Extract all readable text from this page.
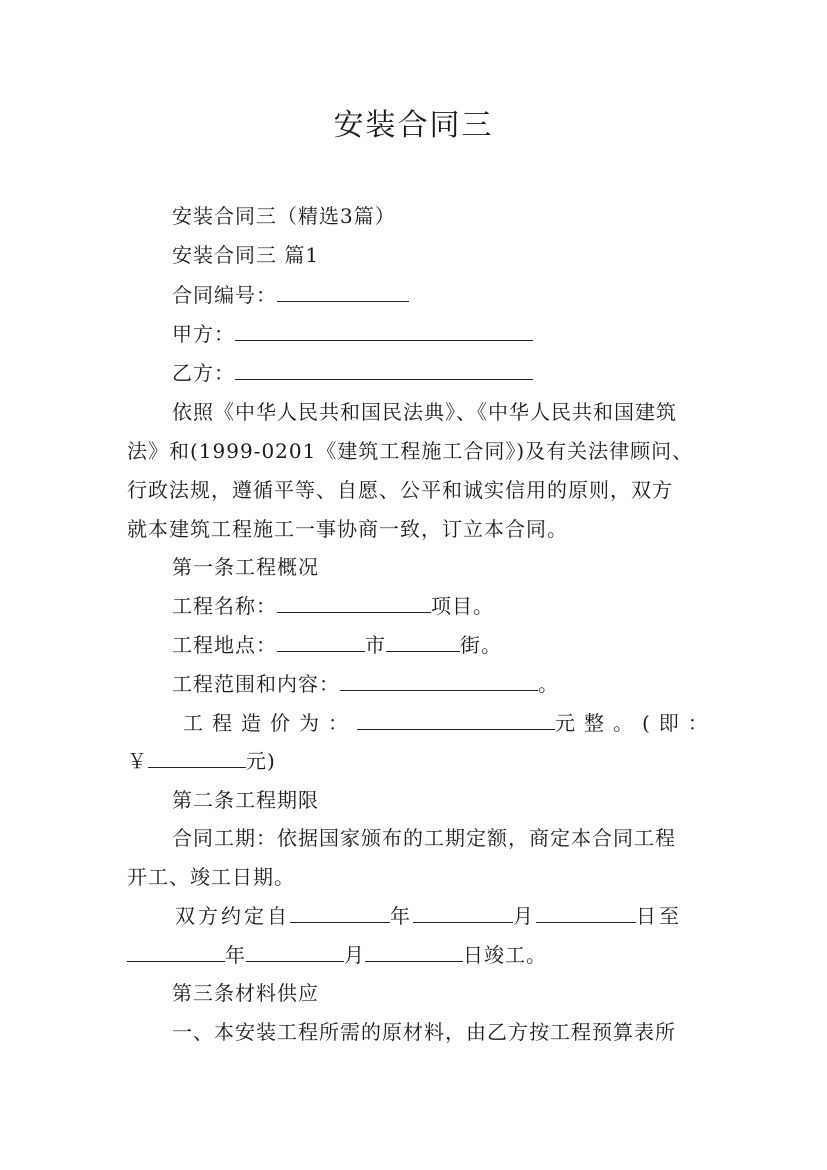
安装合同三
安装合同三（精选3篇）
安装合同三 篇1
合同编号：
甲方：
乙方：
依照《中华人民共和国民法典》、《中华人民共和国建筑
法》和(1999-0201《建筑工程施工合同》)及有关法律顾问、
行政法规，遵循平等、自愿、公平和诚实信用的原则，双方
就本建筑工程施工一事协商一致，订立本合同。
第一条工程概况
工程名称：	项目。
工程地点：	市	街。
工程范围和内容：	。
工程造价为：	元整。(即：
￥	元)
第二条工程期限
合同工期：依据国家颁布的工期定额，商定本合同工程
开工、竣工日期。
双方约定自	年	月	日至
年	月	日竣工。
第三条材料供应
一、本安装工程所需的原材料，由乙方按工程预算表所
